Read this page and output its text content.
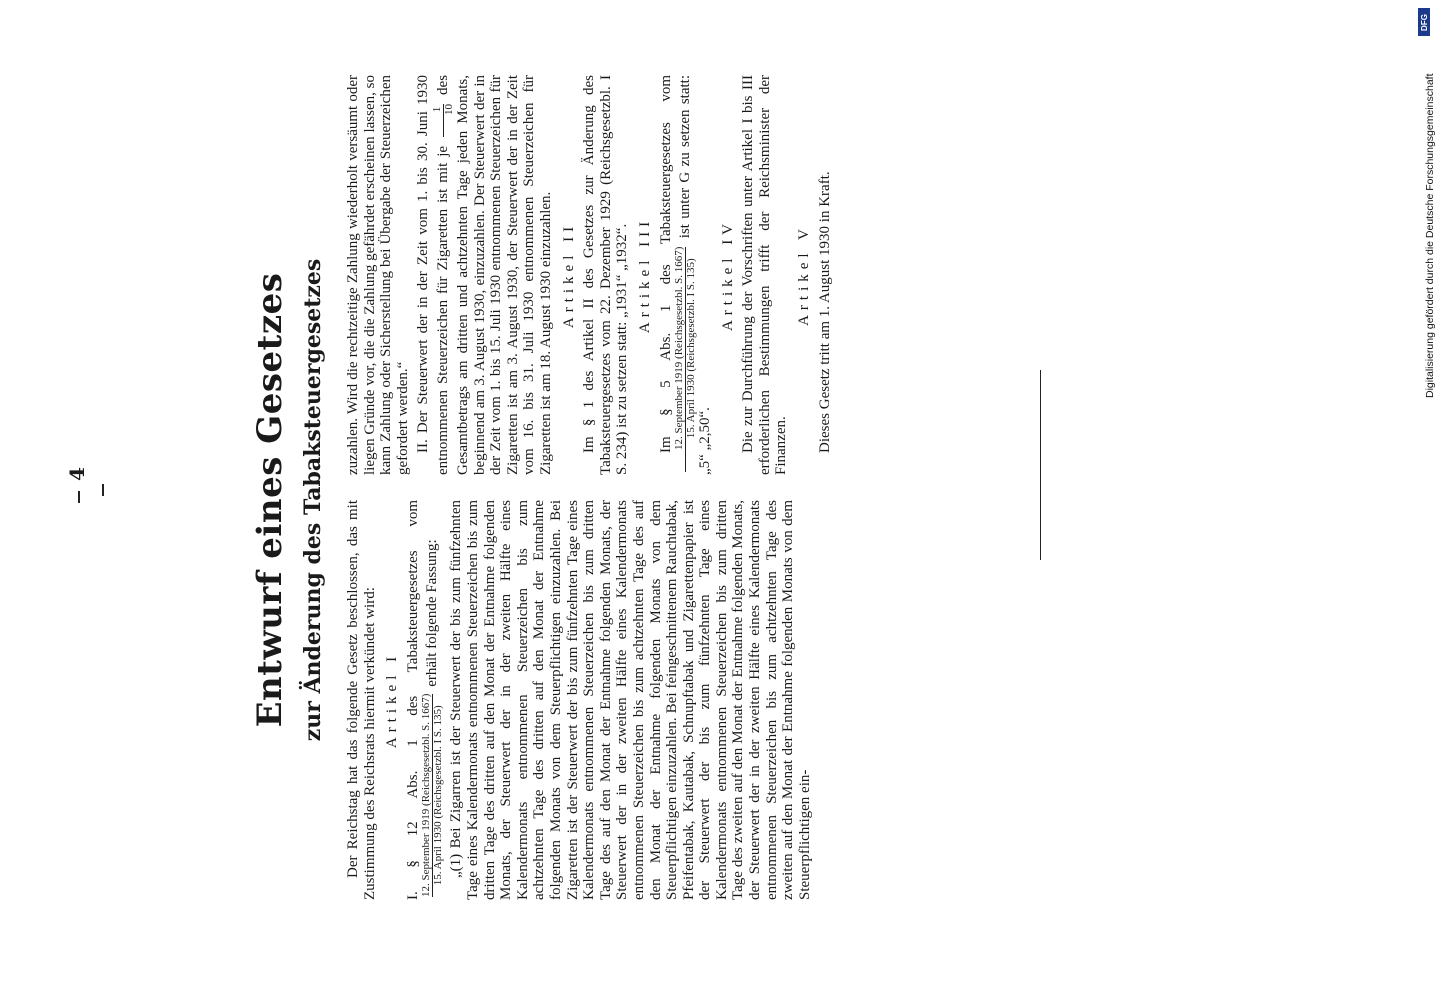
4	Entwurf eines Gesetzes zur Änderung des Tabaksteuergesetzes Der Reichstag hat das folgende Gesetz beschlossen, das mit Zustimmung des Reichsrats hiermit verkündet wird: Artikel I I. § 12 Abs. 1 des Tabaksteuergesetzes vom 12. September 1919 (Reichsgesetzbl. S. 1667) 15. April 1930 (Reichsgesetzbl. I S. 135)
erhält folgende Fassung: „(1) Bei Zigarren ist der Steuerwert der bis zum fünfzehnten Tage eines Kalendermonats entnommenen Steuerzeichen bis zum dritten Tage des dritten auf den Monat der Entnahme folgenden Monats, der Steuerwert der in der zweiten Hälfte eines Kalendermonats entnommenen Steuerzeichen bis zum achtzehnten Tage des dritten auf den Monat der Entnahme folgenden Monats von dem Steuerpflichtigen einzuzahlen. Bei Zigaretten ist der Steuerwert der bis zum fünfzehnten Tage eines Kalendermonats entnommenen Steuerzeichen bis zum dritten Tage des auf den Monat der Entnahme folgenden Monats, der Steuerwert der in der zweiten Hälfte eines Kalendermonats entnommenen Steuerzeichen bis zum achtzehnten Tage des auf den Monat der Entnahme folgenden Monats von dem Steuerpflichtigen einzuzahlen. Bei feingeschnittenem Rauchtabak, Pfeifentabak, Kautabak, Schnupftabak und Zigarettenpapier ist der Steuerwert der bis zum fünfzehnten Tage eines Kalendermonats entnommenen Steuerzeichen bis zum dritten Tage des zweiten auf den Monat der Entnahme folgenden Monats, der Steuerwert der in der zweiten Hälfte eines Kalendermonats entnommenen Steuerzeichen bis zum achtzehnten Tage des zweiten auf den Monat der Entnahme folgenden Monats von dem Steuerpflichtigen ein-

zuzahlen. Wird die rechtzeitige Zahlung wiederholt versäumt oder liegen Gründe vor, die die Zahlung gefährdet erscheinen lassen, so kann Zahlung oder Sicherstellung bei Übergabe der Steuerzeichen gefordert werden.“ II. Der Steuerwert der in der Zeit vom 1. bis 30. Juni 1930 entnommenen Steuerzeichen für Zigaretten ist mit je
1 10
des Gesamtbetrags am dritten und achtzehnten Tage jeden Monats, beginnend am 3. August 1930, einzuzahlen. Der Steuerwert der in der Zeit vom 1. bis 15. Juli 1930 entnommenen Steuerzeichen für Zigaretten ist am 3. August 1930, der Steuerwert der in der Zeit vom 16. bis 31. Juli 1930 entnommenen Steuerzeichen für Zigaretten ist am 18. August 1930 einzuzahlen. Artikel II Im § 1 des Artikel II des Gesetzes zur Änderung des Tabaksteuergesetzes vom 22. Dezember 1929 (Reichsgesetzbl. I S. 234) ist zu setzen statt: „1931“ „1932“. Artikel III Im § 5 Abs. 1 des Tabaksteuergesetzes vom 12. September 1919 (Reichsgesetzbl. S. 1667) 15. April 1930 (Reichsgesetzbl. I S. 135)
ist unter G zu setzen statt: „5“ „2,50“.

Artikel IV Die zur Durchführung der Vorschriften unter Artikel I bis III erforderlichen Bestimmungen trifft der Reichsminister der Finanzen.

Artikel V Dieses Gesetz tritt am 1. August 1930 in Kraft.

DFG
Digitalisierung gefördert durch die Deutsche Forschungsgemeinschaft
